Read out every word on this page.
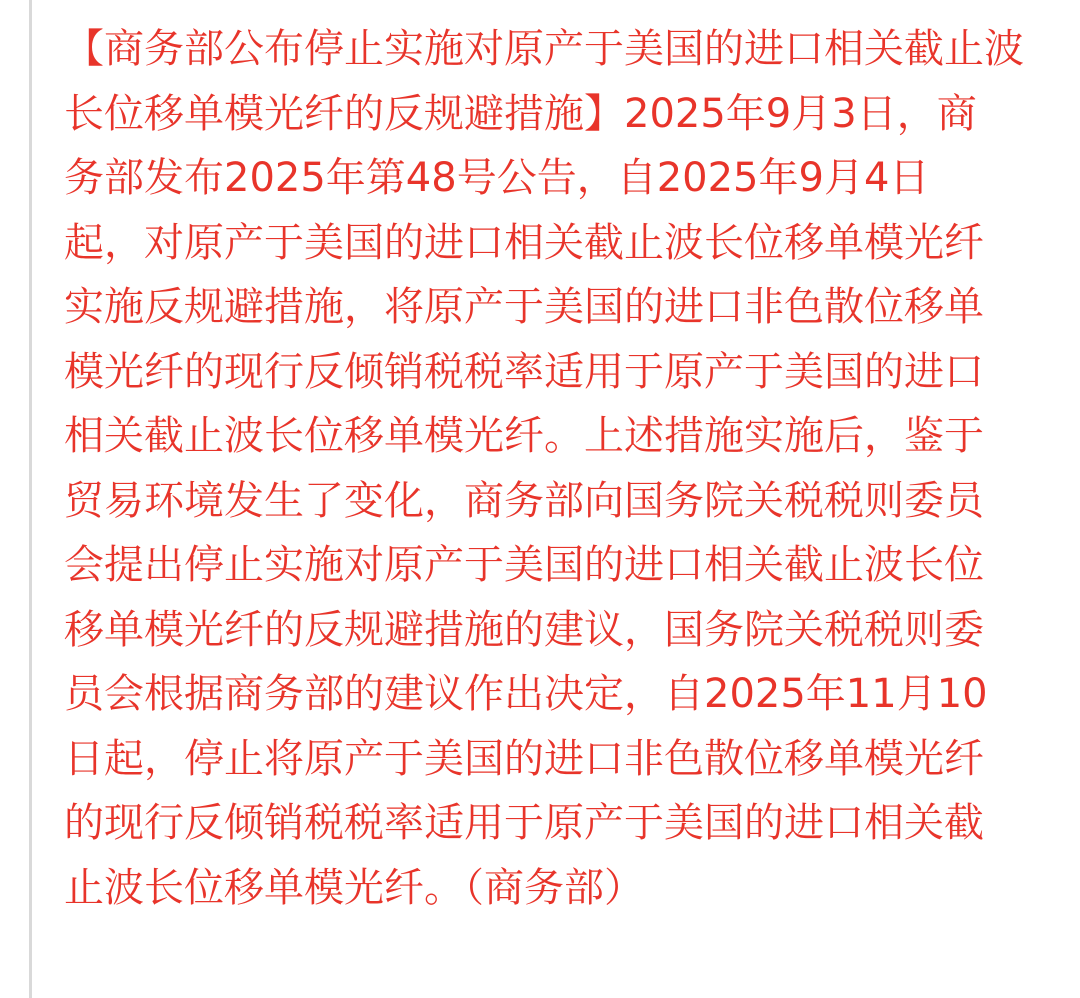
【商务部公布停止实施对原产于美国的进口相关截止波
长位移单模光纤的反规避措施】2025年9月3日，商
务部发布2025年第48号公告，自2025年9月4日
起，对原产于美国的进口相关截止波长位移单模光纤
实施反规避措施，将原产于美国的进口非色散位移单
模光纤的现行反倾销税税率适用于原产于美国的进口
相关截止波长位移单模光纤。上述措施实施后，鉴于
贸易环境发生了变化，商务部向国务院关税税则委员
会提出停止实施对原产于美国的进口相关截止波长位
移单模光纤的反规避措施的建议，国务院关税税则委
员会根据商务部的建议作出决定，自2025年11月10
日起，停止将原产于美国的进口非色散位移单模光纤
的现行反倾销税税率适用于原产于美国的进口相关截
止波长位移单模光纤。（商务部）
